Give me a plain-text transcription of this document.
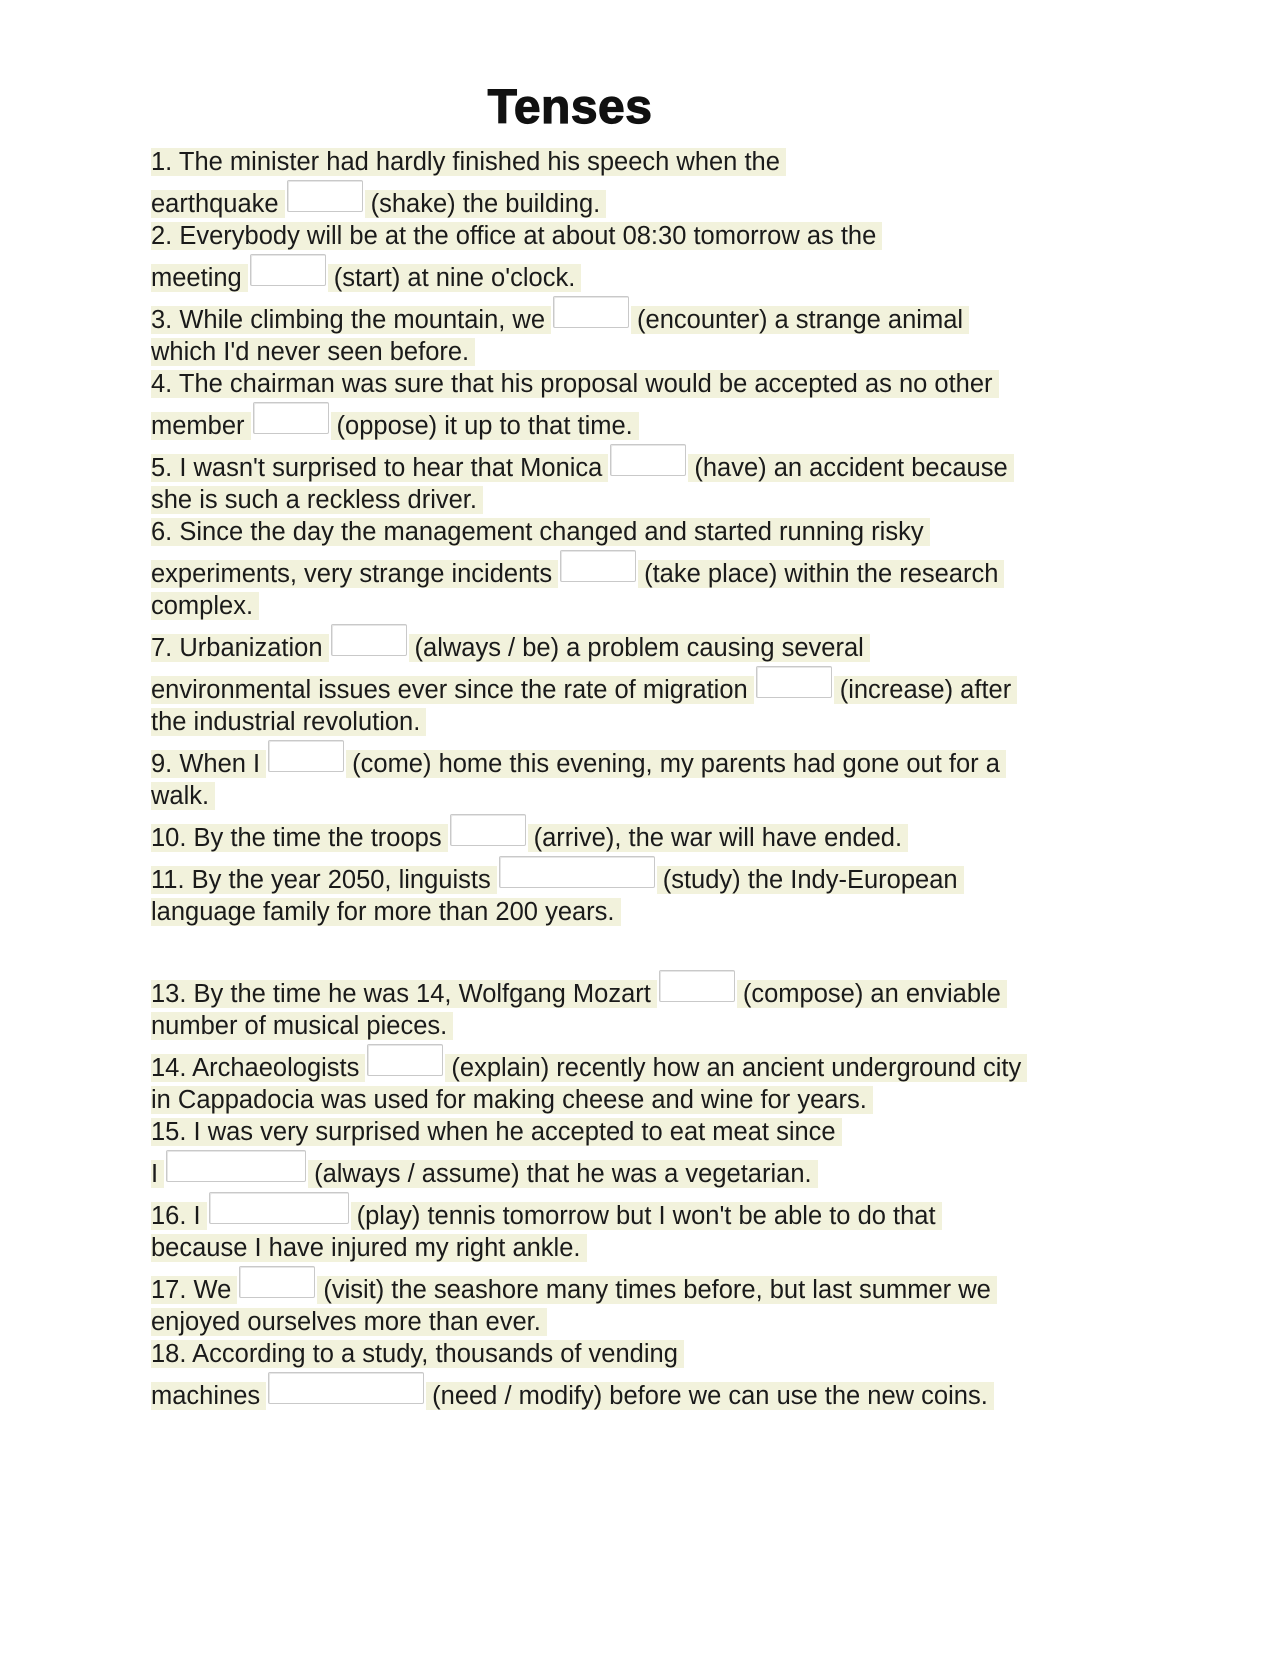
Tenses
1. The minister had hardly finished his speech when the
earthquake	(shake) the building.
2. Everybody will be at the office at about 08:30 tomorrow as the
meeting	(start) at nine o'clock.
3. While climbing the mountain, we	(encounter) a strange animal
which I'd never seen before.
4. The chairman was sure that his proposal would be accepted as no other
member	(oppose) it up to that time.
5. I wasn't surprised to hear that Monica	(have) an accident because
she is such a reckless driver.
6. Since the day the management changed and started running risky
experiments, very strange incidents	(take place) within the research
complex.
7. Urbanization	(always / be) a problem causing several
environmental issues ever since the rate of migration	(increase) after
the industrial revolution.
9. When I	(come) home this evening, my parents had gone out for a
walk.
10. By the time the troops	(arrive), the war will have ended.
11. By the year 2050, linguists	(study) the Indy-European
language family for more than 200 years.
13. By the time he was 14, Wolfgang Mozart	(compose) an enviable
number of musical pieces.
14. Archaeologists	(explain) recently how an ancient underground city
in Cappadocia was used for making cheese and wine for years.
15. I was very surprised when he accepted to eat meat since
I	(always / assume) that he was a vegetarian.
16. I	(play) tennis tomorrow but I won't be able to do that
because I have injured my right ankle.
17. We	(visit) the seashore many times before, but last summer we
enjoyed ourselves more than ever.
18. According to a study, thousands of vending
machines	(need / modify) before we can use the new coins.
